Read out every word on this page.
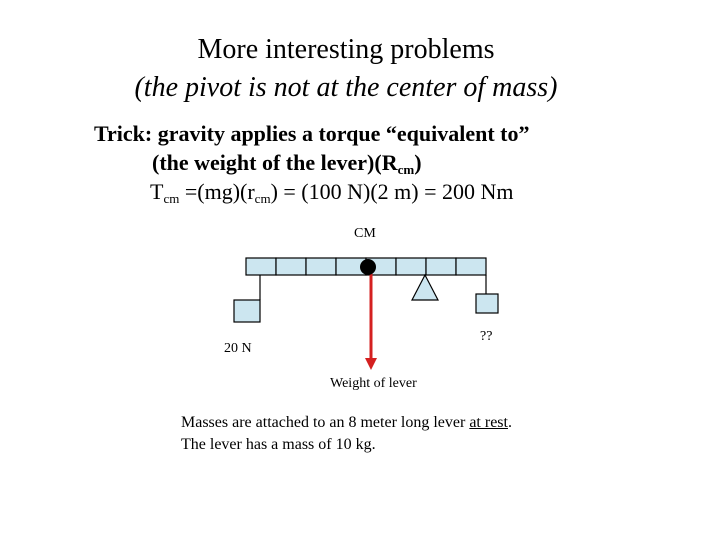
More interesting problems
(the pivot is not at the center of mass)
Trick: gravity applies a torque “equivalent to”
(the weight of the $lever)(R_{cm})$
$T_{cm} =(mg)(r_{cm}) = (100$ N)(2 m) = 200 Nm
CM
20 N
??
Weight of lever
Masses are attached to an 8 meter long lever at rest.
The lever has a mass of 10 kg.
